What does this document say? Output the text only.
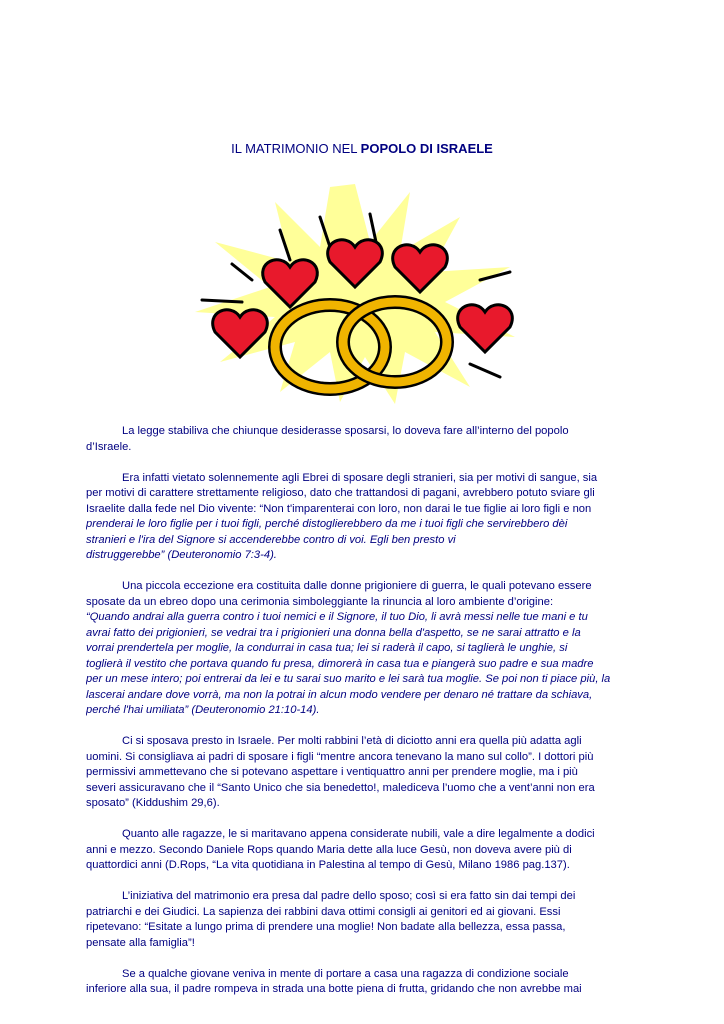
IL MATRIMONIO NEL POPOLO DI ISRAELE

La legge stabiliva che chiunque desiderasse sposarsi, lo doveva fare all’interno del popolo
d’Israele.

Era infatti vietato solennemente agli Ebrei di sposare degli stranieri, sia per motivi di sangue, sia
per motivi di carattere strettamente religioso, dato che trattandosi di pagani, avrebbero potuto sviare gli
Israelite dalla fede nel Dio vivente: “Non t'imparenterai con loro, non darai le tue figlie ai loro figli e non
prenderai le loro figlie per i tuoi figli, perché distoglierebbero da me i tuoi figli che servirebbero dèi
stranieri e l'ira del Signore si accenderebbe contro di voi. Egli ben presto vi
distruggerebbe” (Deuteronomio 7:3-4).

Una piccola eccezione era costituita dalle donne prigioniere di guerra, le quali potevano essere
sposate da un ebreo dopo una cerimonia simboleggiante la rinuncia al loro ambiente d’origine:
“Quando andrai alla guerra contro i tuoi nemici e il Signore, il tuo Dio, li avrà messi nelle tue mani e tu
avrai fatto dei prigionieri, se vedrai tra i prigionieri una donna bella d'aspetto, se ne sarai attratto e la
vorrai prendertela per moglie, la condurrai in casa tua; lei si raderà il capo, si taglierà le unghie, si
toglierà il vestito che portava quando fu presa, dimorerà in casa tua e piangerà suo padre e sua madre
per un mese intero; poi entrerai da lei e tu sarai suo marito e lei sarà tua moglie. Se poi non ti piace più, la
lascerai andare dove vorrà, ma non la potrai in alcun modo vendere per denaro né trattare da schiava,
perché l'hai umiliata” (Deuteronomio 21:10-14).

Ci si sposava presto in Israele. Per molti rabbini l’età di diciotto anni era quella più adatta agli
uomini. Si consigliava ai padri di sposare i figli “mentre ancora tenevano la mano sul collo”. I dottori più
permissivi ammettevano che si potevano aspettare i ventiquattro anni per prendere moglie, ma i più
severi assicuravano che il “Santo Unico che sia benedetto!, malediceva l’uomo che a vent’anni non era
sposato” (Kiddushim 29,6).

Quanto alle ragazze, le si maritavano appena considerate nubili, vale a dire legalmente a dodici
anni e mezzo. Secondo Daniele Rops quando Maria dette alla luce Gesù, non doveva avere più di
quattordici anni (D.Rops, “La vita quotidiana in Palestina al tempo di Gesù, Milano 1986 pag.137).

L’iniziativa del matrimonio era presa dal padre dello sposo; così si era fatto sin dai tempi dei
patriarchi e dei Giudici. La sapienza dei rabbini dava ottimi consigli ai genitori ed ai giovani. Essi
ripetevano: “Esitate a lungo prima di prendere una moglie! Non badate alla bellezza, essa passa,
pensate alla famiglia”!

Se a qualche giovane veniva in mente di portare a casa una ragazza di condizione sociale
inferiore alla sua, il padre rompeva in strada una botte piena di frutta, gridando che non avrebbe mai
